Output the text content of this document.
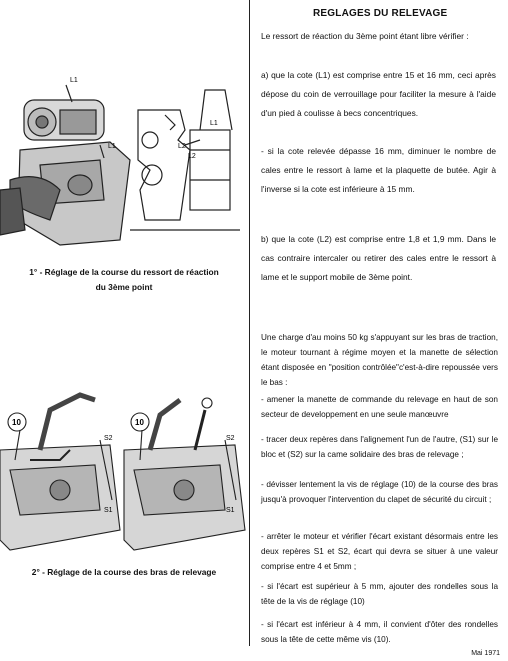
REGLAGES DU RELEVAGE
Le ressort de réaction du 3ème point étant libre vérifier :
a) que la cote (L1) est comprise entre 15 et 16 mm, ceci après dépose du coin de verrouillage pour faciliter la mesure à l'aide d'un pied à coulisse à becs concentriques.
- si la cote relevée dépasse 16 mm, diminuer le nombre de cales entre le ressort à lame et la plaquette de butée. Agir à l'inverse si la cote est inférieure à 15 mm.
b) que la cote (L2) est comprise entre 1,8 et 1,9 mm. Dans le cas contraire intercaler ou retirer des cales entre le ressort à lame et le support mobile de 3ème point.
Une charge d'au moins 50 kg s'appuyant sur les bras de traction, le moteur tournant à régime moyen et la manette de sélection étant disposée en "position contrôlée"c'est-à-dire repoussée vers le bas :
- amener la manette de commande du relevage en haut de son secteur de developpement en une seule manœuvre
- tracer deux repères dans l'alignement l'un de l'autre, (S1) sur le bloc et (S2) sur la came solidaire des bras de relevage ;
- dévisser lentement la vis de réglage (10) de la course des bras jusqu'à provoquer l'intervention du clapet de sécurité du circuit ;
- arrêter le moteur et vérifier l'écart existant désormais entre les deux repères S1 et S2, écart qui devra se situer à une valeur comprise entre 4 et 5mm ;
- si l'écart est supérieur à 5 mm, ajouter des rondelles sous la tête de la vis de réglage (10)
- si l'écart est inférieur à 4 mm, il convient d'ôter des rondelles sous la tête de cette même vis (10).
L1
L1
L1
L2
L2
1° - Réglage de la course du ressort de réaction
du 3ème point
10
S2
S1
10
S2
S1
2° - Réglage de la course des bras de relevage
Mai 1971
